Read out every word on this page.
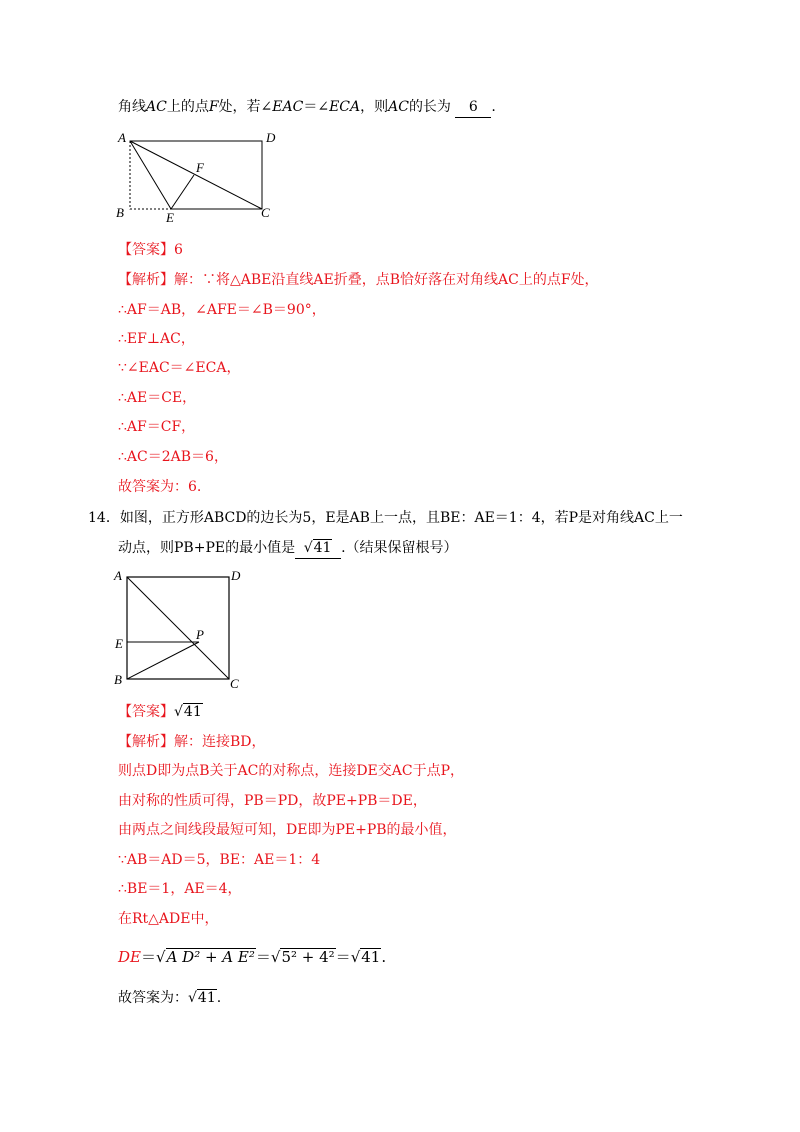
角线AC上的点F处，若∠EAC＝∠ECA，则AC的长为 6 .
A	D
F
B	E	C
【答案】6
【解析】解：∵将△ABE沿直线AE折叠，点B恰好落在对角线AC上的点F处，
∴AF＝AB，∠AFE＝∠B＝90°，
∴EF⊥AC，
∵∠EAC＝∠ECA，
∴AE＝CE，
∴AF＝CF，
∴AC＝2AB＝6，
故答案为：6.
14．如图，正方形ABCD的边长为5，E是AB上一点，且BE：AE＝1：4，若P是对角线AC上一
动点，则PB+PE的最小值是 √41 .（结果保留根号）
A	D
E
P
B	C
【答案】√41
【解析】解：连接BD，
则点D即为点B关于AC的对称点，连接DE交AC于点P，
由对称的性质可得，PB＝PD，故PE+PB＝DE，
由两点之间线段最短可知，DE即为PE+PB的最小值，
∵AB＝AD＝5，BE：AE＝1：4
∴BE＝1，AE＝4，
在Rt△ADE中，
DE＝√A D² + A E²＝√5² + 4²＝√41.
故答案为：√41.
